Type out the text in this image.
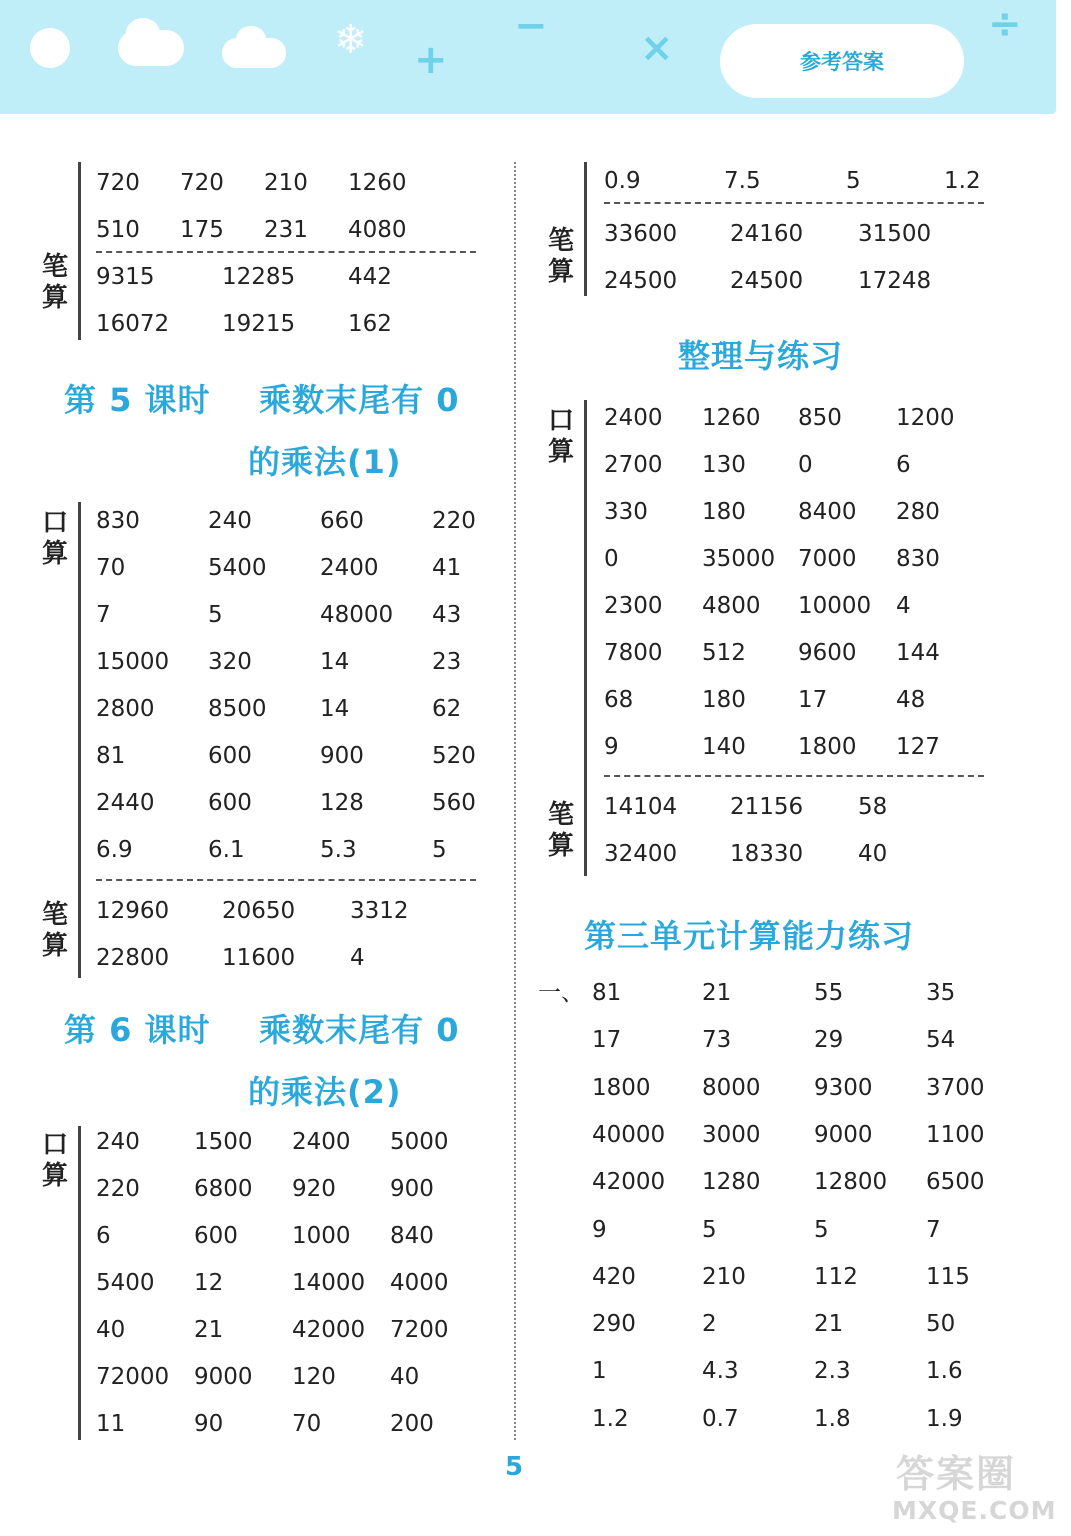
❄ +
− ×
÷
参考答案
笔
算
720 720 210 1260
510 175 231 4080
9315	12285 442
16072 19215 162
第 5 课时    乘数末尾有 0
的乘法(1)
口
算
830	240	660	220
70	5400 2400 41
7	5	48000 43
15000 320	14	23
2800 8500 14	62
81	600	900	520
2440 600	128	560
6.9	6.1	5.3	5
笔
算
12960 20650 3312
22800 11600 4
第 6 课时    乘数末尾有 0
的乘法(2)
口
算
240 1500 2400 5000
220 6800 920 900
6	600 1000 840
5400 12	14000 4000
40	21	42000 7200
72000 9000 120 40
11	90	70	200
0.9	7.5	5	1.2
笔
算
33600 24160 31500
24500 24500 17248
整理与练习
口
算
2400 1260 850 1200
2700 130 0	6
330 180 8400 280
0	35000 7000 830
2300 4800 10000 4
7800 512 9600 144
68	180 17	48
9	140 1800 127
笔
算
14104 21156 58
32400 18330 40
第三单元计算能力练习
一、 81	21	55	35
17	73	29	54
1800 8000 9300 3700
40000 3000 9000 1100
42000 1280 12800 6500
9	5	5	7
420	210	112	115
290	2	21	50
1	4.3	2.3	1.6
1.2	0.7	1.8	1.9
5	答案圈
MXQE.COM
